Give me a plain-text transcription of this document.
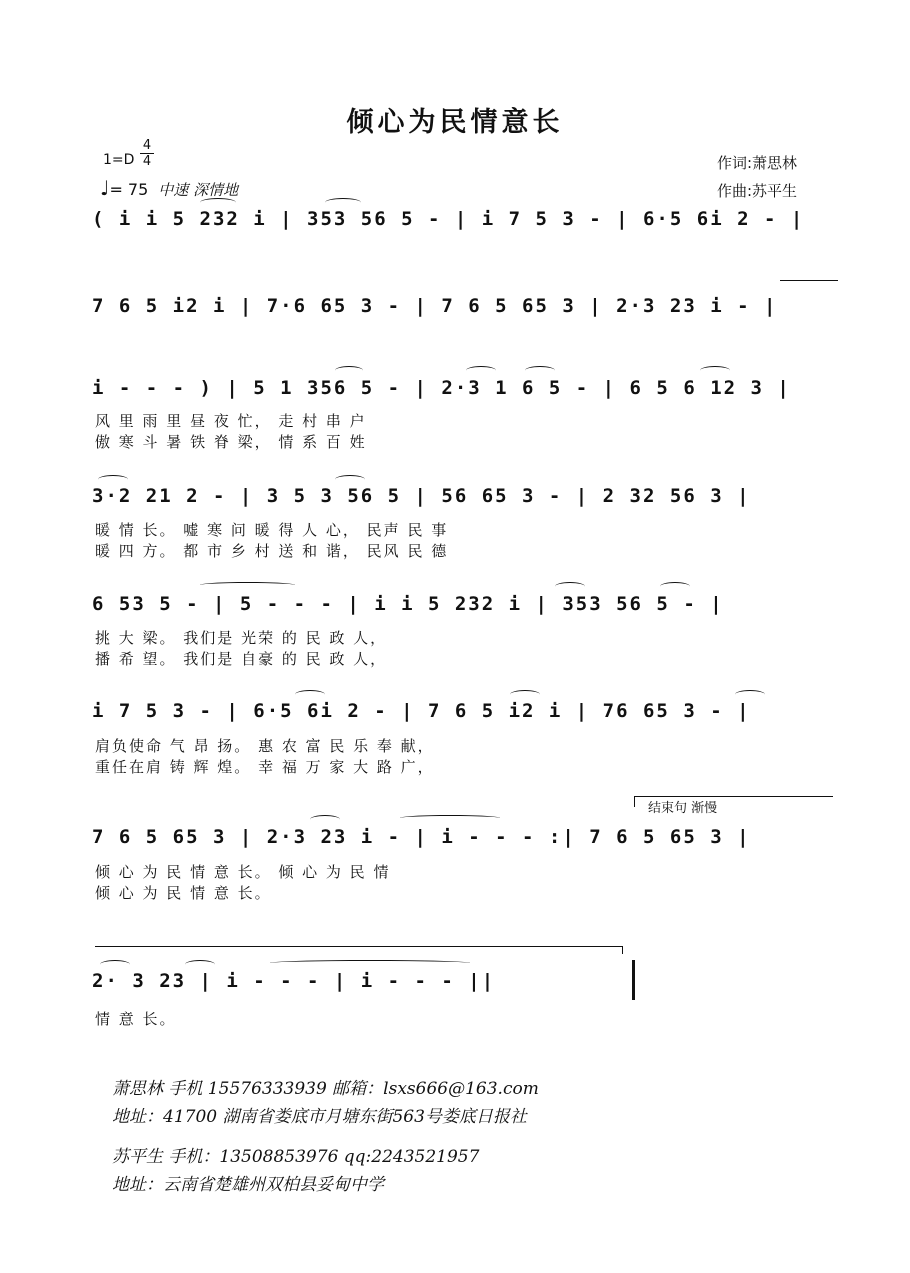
倾心为民情意长
1=D
4
4
♩= 75 中速 深情地
作词:萧思林
作曲:苏平生
( i i 5 232 i | 353 56 5 - | i 7 5 3 - | 6·5 6i 2 - |
7 6 5 i2 i | 7·6 65 3 - | 7 6 5 65 3 | 2·3 23 i - |
i - - - ) | 5 1 356 5 - | 2·3 1 6 5 - | 6 5 6 12 3 |
3·2 21 2 - | 3 5 3 56 5 | 56 65 3 - | 2 32 56 3 |
6 53 5 - | 5 - - - | i i 5 232 i | 353 56 5 - |
i 7 5 3 - | 6·5 6i 2 - | 7 6 5 i2 i | 76 65 3 - |
7 6 5 65 3 | 2·3 23 i - | i - - - :| 7 6 5 65 3 |
2· 3 23 | i - - - | i - - - ||
风 里 雨 里 昼 夜 忙， 走 村 串 户
傲 寒 斗 暑 铁 脊 梁， 情 系 百 姓
暖 情 长。 嘘 寒 问 暖 得 人 心， 民声 民 事
暖 四 方。 都 市 乡 村 送 和 谐， 民风 民 德
挑 大 梁。 我们是 光荣 的 民 政 人，
播 希 望。 我们是 自豪 的 民 政 人，
肩负使命 气 昂 扬。 惠 农 富 民 乐 奉 献，
重任在肩 铸 辉 煌。 幸 福 万 家 大 路 广，
倾 心 为 民 情 意 长。 倾 心 为 民 情
倾 心 为 民 情 意 长。
情 意 长。
结束句 渐慢
萧思林 手机 15576333939 邮箱：lsxs666@163.com
地址：41700 湖南省娄底市月塘东街563号娄底日报社
苏平生 手机：13508853976 qq:2243521957
地址：云南省楚雄州双柏县妥甸中学
